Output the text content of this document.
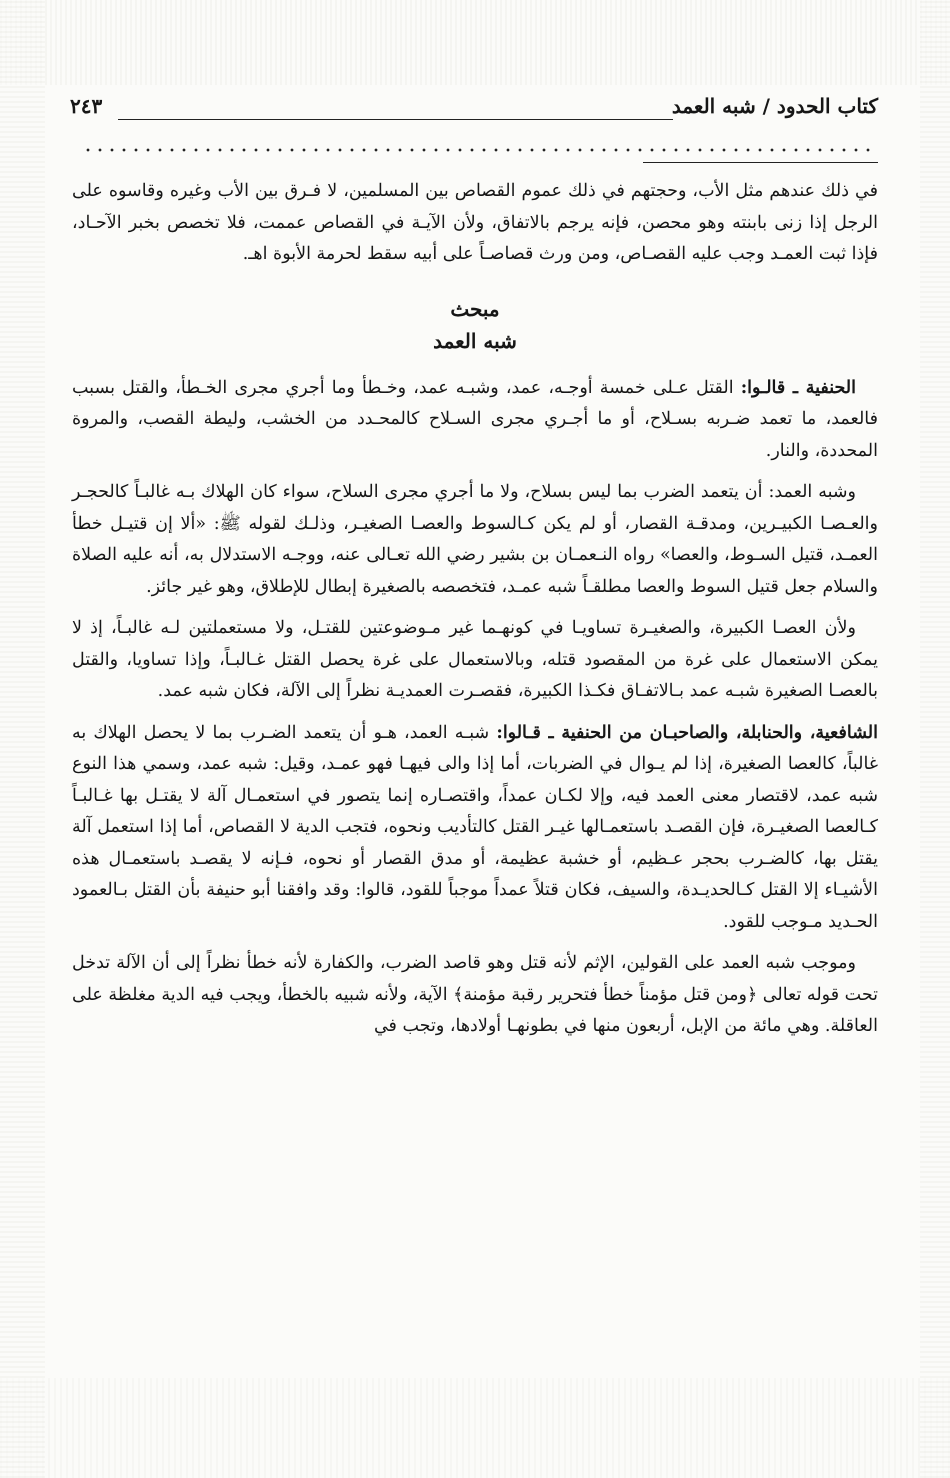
كتاب الحدود / شبه العمد
٢٤٣

في ذلك عندهم مثل الأب، وحجتهم في ذلك عموم القصاص بين المسلمين، لا فـرق بين الأب وغيره وقاسوه على الرجل إذا زنى بابنته وهو محصن، فإنه يرجم بالاتفاق، ولأن الآيـة في القصاص عممت، فلا تخصص بخبر الآحـاد، فإذا ثبت العمـد وجب عليه القصـاص، ومن ورث قصاصـاً على أبيه سقط لحرمة الأبوة اهـ.

مبحث

شبه العمد

الحنفية ـ قالـوا: القتل عـلى خمسة أوجـه، عمد، وشبـه عمد، وخـطأ وما أجري مجرى الخـطأ، والقتل بسبب فالعمد، ما تعمد ضـربه بسـلاح، أو ما أجـري مجرى السـلاح كالمحـدد من الخشب، وليطة القصب، والمروة المحددة، والنار.

وشبه العمد: أن يتعمد الضرب بما ليس بسلاح، ولا ما أجري مجرى السلاح، سواء كان الهلاك بـه غالبـاً كالحجـر والعـصـا الكبيـرين، ومدقـة القصار، أو لم يكن كـالسوط والعصـا الصغيـر، وذلـك لقوله ﷺ: «ألا إن قتيـل خطأ العمـد، قتيل السـوط، والعصا» رواه النـعمـان بن بشير رضي الله تعـالى عنه، ووجـه الاستدلال به، أنه عليه الصلاة والسلام جعل قتيل السوط والعصا مطلقـاً شبه عمـد، فتخصصه بالصغيرة إبطال للإطلاق، وهو غير جائز.

ولأن العصـا الكبيرة، والصغيـرة تساويـا في كونهـما غير مـوضوعتين للقتـل، ولا مستعملتين لـه غالبـاً، إذ لا يمكن الاستعمال على غرة من المقصود قتله، وبالاستعمال على غرة يحصل القتل غـالبـاً، وإذا تساويا، والقتل بالعصـا الصغيرة شبـه عمد بـالاتفـاق فكـذا الكبيرة، فقصـرت العمديـة نظراً إلى الآلة، فكان شبه عمد.

الشافعية، والحنابلة، والصاحبـان من الحنفية ـ قـالوا: شبـه العمد، هـو أن يتعمد الضـرب بما لا يحصل الهلاك به غالباً، كالعصا الصغيرة، إذا لم يـوال في الضربات، أما إذا والى فيهـا فهو عمـد، وقيل: شبه عمد، وسمي هذا النوع شبه عمد، لاقتصار معنى العمد فيه، وإلا لكـان عمداً، واقتصـاره إنما يتصور في استعمـال آلة لا يقتـل بها غـالبـاً كـالعصا الصغيـرة، فإن القصـد باستعمـالها غيـر القتل كالتأديب ونحوه، فتجب الدية لا القصاص، أما إذا استعمل آلة يقتل بها، كالضـرب بحجر عـظيم، أو خشبة عظيمة، أو مدق القصار أو نحوه، فـإنه لا يقصـد باستعمـال هذه الأشيـاء إلا القتل كـالحديـدة، والسيف، فكان قتلاً عمداً موجباً للقود، قالوا: وقد وافقنا أبو حنيفة بأن القتل بـالعمود الحـديد مـوجب للقود.

وموجب شبه العمد على القولين، الإثم لأنه قتل وهو قاصد الضرب، والكفارة لأنه خطأ نظراً إلى أن الآلة تدخل تحت قوله تعالى ﴿ومن قتل مؤمناً خطأ فتحرير رقبة مؤمنة﴾ الآية، ولأنه شبيه بالخطأ، ويجب فيه الدية مغلظة على العاقلة. وهي مائة من الإبل، أربعون منها في بطونهـا أولادها، وتجب في
